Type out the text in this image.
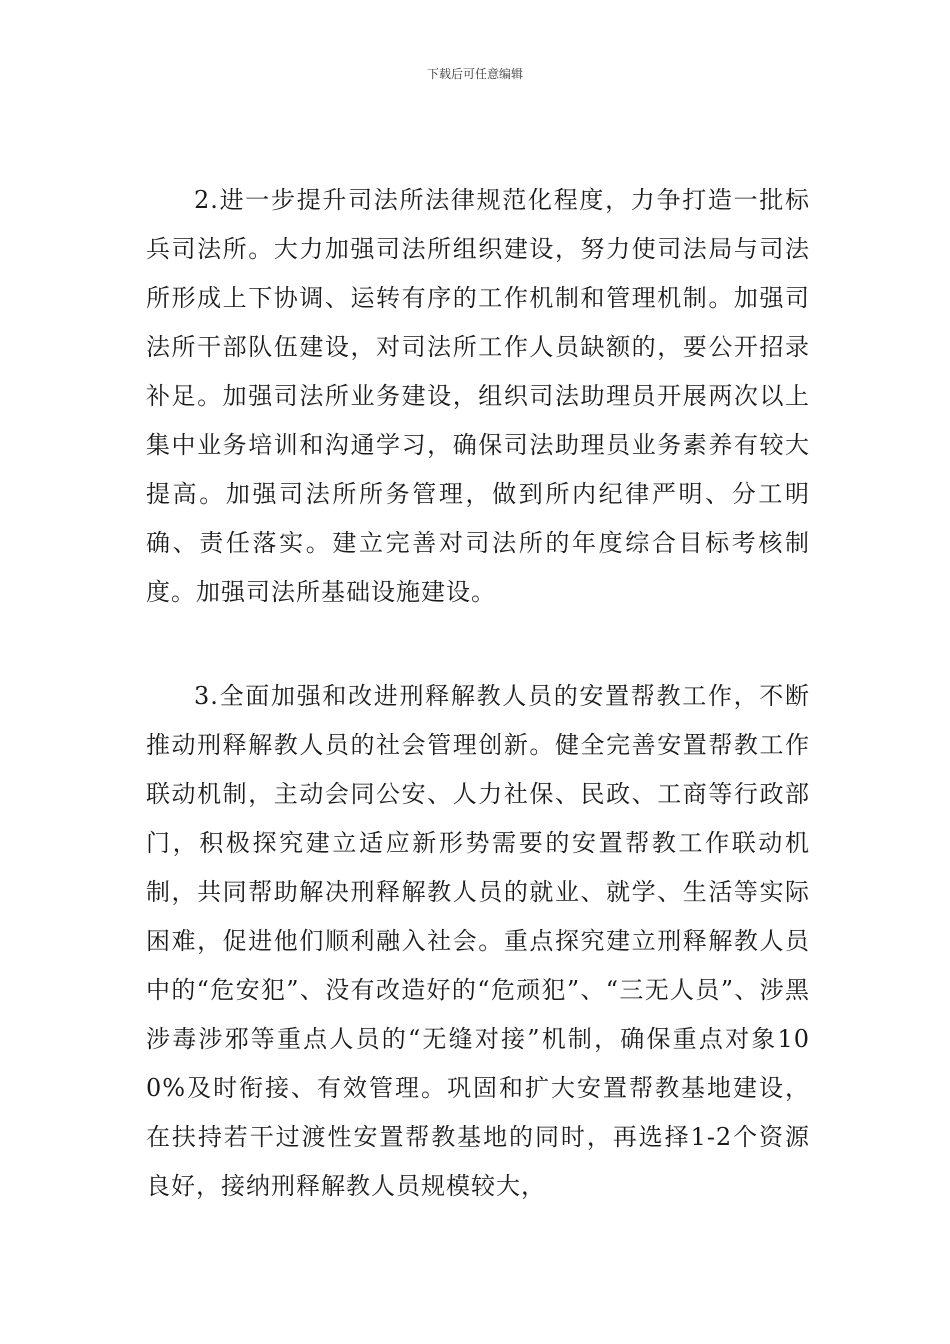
下载后可任意编辑

2.进一步提升司法所法律规范化程度，力争打造一批标兵司法所。大力加强司法所组织建设，努力使司法局与司法所形成上下协调、运转有序的工作机制和管理机制。加强司法所干部队伍建设，对司法所工作人员缺额的，要公开招录补足。加强司法所业务建设，组织司法助理员开展两次以上集中业务培训和沟通学习，确保司法助理员业务素养有较大提高。加强司法所所务管理，做到所内纪律严明、分工明确、责任落实。建立完善对司法所的年度综合目标考核制度。加强司法所基础设施建设。

3.全面加强和改进刑释解教人员的安置帮教工作，不断推动刑释解教人员的社会管理创新。健全完善安置帮教工作联动机制，主动会同公安、人力社保、民政、工商等行政部门，积极探究建立适应新形势需要的安置帮教工作联动机制，共同帮助解决刑释解教人员的就业、就学、生活等实际困难，促进他们顺利融入社会。重点探究建立刑释解教人员中的“危安犯”、没有改造好的“危顽犯”、“三无人员”、涉黑涉毒涉邪等重点人员的“无缝对接”机制，确保重点对象100%及时衔接、有效管理。巩固和扩大安置帮教基地建设，在扶持若干过渡性安置帮教基地的同时，再选择1-2个资源良好，接纳刑释解教人员规模较大，
